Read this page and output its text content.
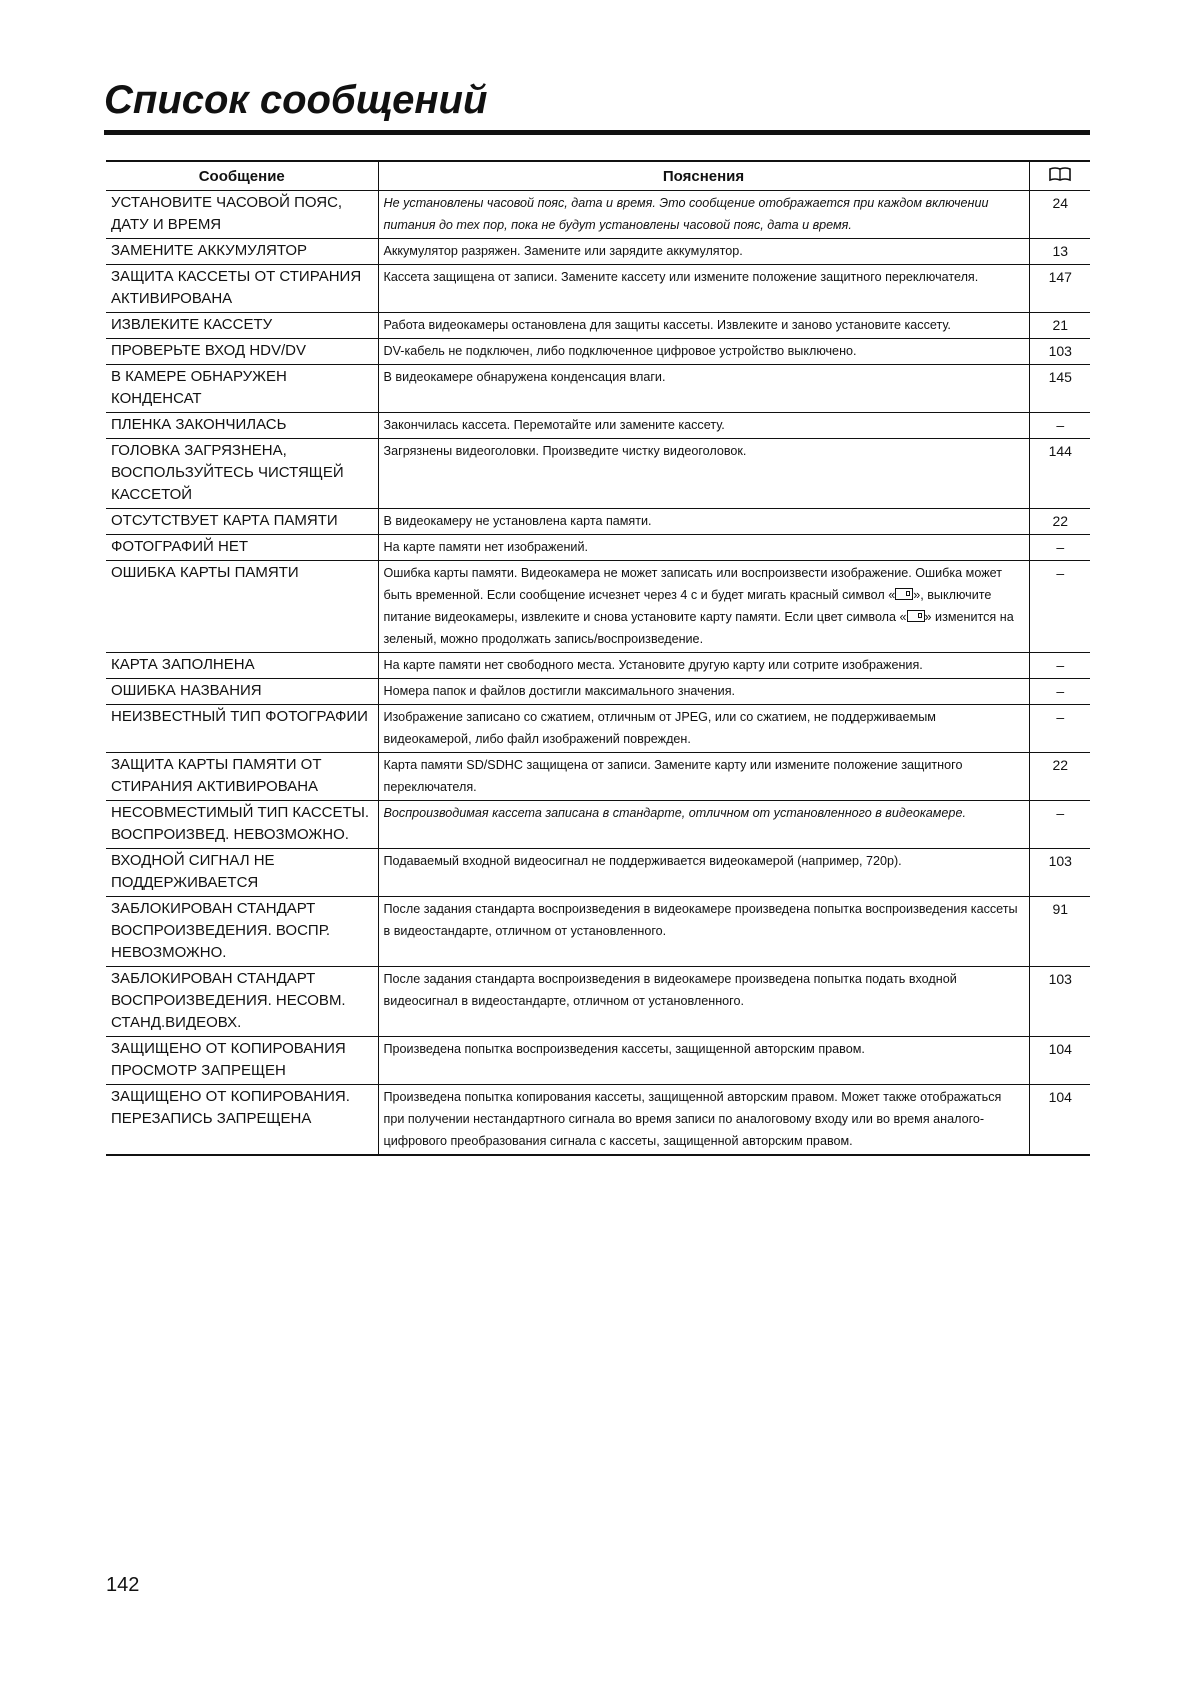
Список сообщений
Сообщение	Пояснения	
УСТАНОВИТЕ ЧАСОВОЙ ПОЯС, ДАТУ И ВРЕМЯ	Не установлены часовой пояс, дата и время. Это сообщение отображается при каждом включении питания до тех пор, пока не будут установлены часовой пояс, дата и время.	24
ЗАМЕНИТЕ АККУМУЛЯТОР	Аккумулятор разряжен. Замените или зарядите аккумулятор.	13
ЗАЩИТА КАССЕТЫ ОТ СТИРАНИЯ АКТИВИРОВАНА	Кассета защищена от записи. Замените кассету или измените положение защитного переключателя.	147
ИЗВЛЕКИТЕ КАССЕТУ	Работа видеокамеры остановлена для защиты кассеты. Извлеките и заново установите кассету.	21
ПРОВЕРЬТЕ ВХОД HDV/DV	DV-кабель не подключен, либо подключенное цифровое устройство выключено.	103
В КАМЕРЕ ОБНАРУЖЕН КОНДЕНСАТ	В видеокамере обнаружена конденсация влаги.	145
ПЛЕНКА ЗАКОНЧИЛАСЬ	Закончилась кассета. Перемотайте или замените кассету.	–
ГОЛОВКА ЗАГРЯЗНЕНА, ВОСПОЛЬЗУЙТЕСЬ ЧИСТЯЩЕЙ КАССЕТОЙ	Загрязнены видеоголовки. Произведите чистку видеоголовок.	144
ОТСУТСТВУЕТ КАРТА ПАМЯТИ	В видеокамеру не установлена карта памяти.	22
ФОТОГРАФИЙ НЕТ	На карте памяти нет изображений.	–
ОШИБКА КАРТЫ ПАМЯТИ	Ошибка карты памяти. Видеокамера не может записать или воспроизвести изображение. Ошибка может быть временной. Если сообщение исчезнет через 4 с и будет мигать красный символ « », выключите питание видеокамеры, извлеките и снова установите карту памяти. Если цвет символа « » изменится на зеленый, можно продолжать запись/воспроизведение.	–
КАРТА ЗАПОЛНЕНА	На карте памяти нет свободного места. Установите другую карту или сотрите изображения.	–
ОШИБКА НАЗВАНИЯ	Номера папок и файлов достигли максимального значения.	–
НЕИЗВЕСТНЫЙ ТИП ФОТОГРАФИИ	Изображение записано со сжатием, отличным от JPEG, или со сжатием, не поддерживаемым видеокамерой, либо файл изображений поврежден.	–
ЗАЩИТА КАРТЫ ПАМЯТИ ОТ СТИРАНИЯ АКТИВИРОВАНА	Карта памяти SD/SDHC защищена от записи. Замените карту или измените положение защитного переключателя.	22
НЕСОВМЕСТИМЫЙ ТИП КАССЕТЫ. ВОСПРОИЗВЕД. НЕВОЗМОЖНО.	Воспроизводимая кассета записана в стандарте, отличном от установленного в видеокамере.	–
ВХОДНОЙ СИГНАЛ НЕ ПОДДЕРЖИВАЕТСЯ	Подаваемый входной видеосигнал не поддерживается видеокамерой (например, 720p).	103
ЗАБЛОКИРОВАН СТАНДАРТ ВОСПРОИЗВЕДЕНИЯ. ВОСПР. НЕВОЗМОЖНО.	После задания стандарта воспроизведения в видеокамере произведена попытка воспроизведения кассеты в видеостандарте, отличном от установленного.	91
ЗАБЛОКИРОВАН СТАНДАРТ ВОСПРОИЗВЕДЕНИЯ. НЕСОВМ. СТАНД.ВИДЕОВХ.	После задания стандарта воспроизведения в видеокамере произведена попытка подать входной видеосигнал в видеостандарте, отличном от установленного.	103
ЗАЩИЩЕНО ОТ КОПИРОВАНИЯ ПРОСМОТР ЗАПРЕЩЕН	Произведена попытка воспроизведения кассеты, защищенной авторским правом.	104
ЗАЩИЩЕНО ОТ КОПИРОВАНИЯ. ПЕРЕЗАПИСЬ ЗАПРЕЩЕНА	Произведена попытка копирования кассеты, защищенной авторским правом. Может также отображаться при получении нестандартного сигнала во время записи по аналоговому входу или во время аналого-цифрового преобразования сигнала с кассеты, защищенной авторским правом.	104
142
